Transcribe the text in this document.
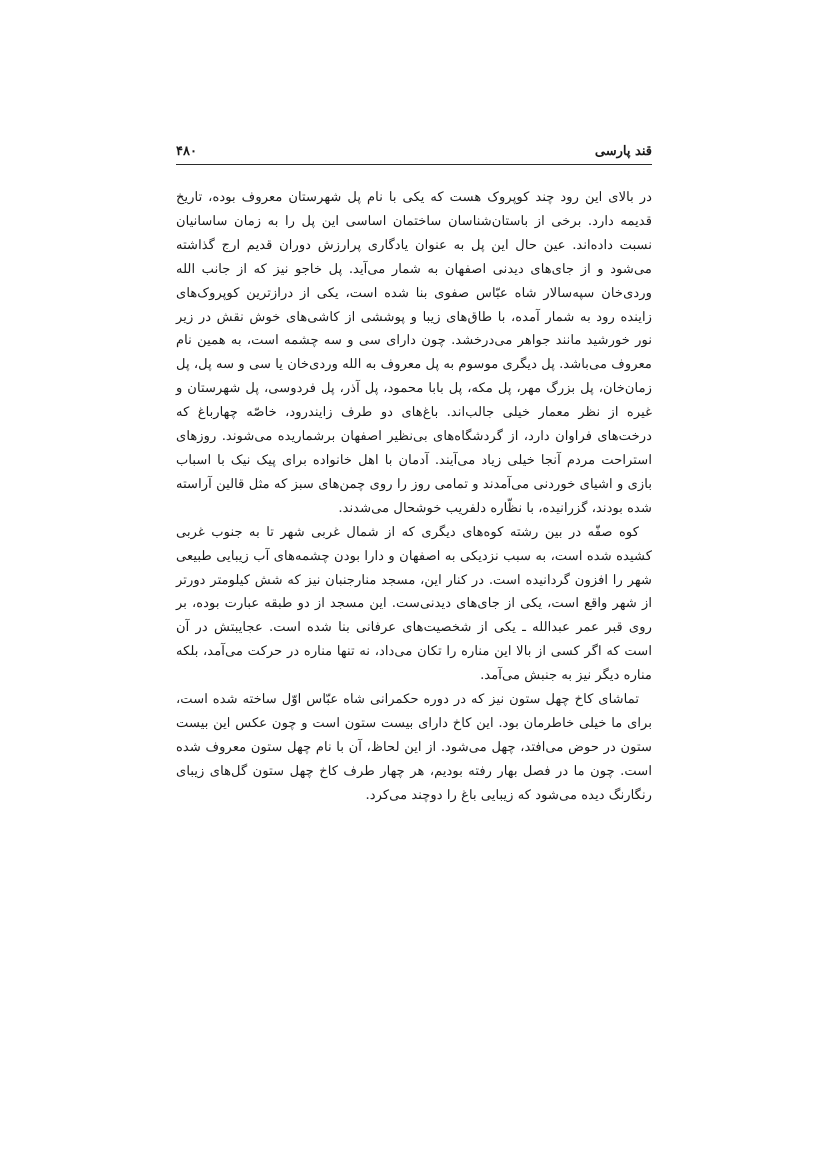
قند پارسی
۴۸۰

در بالای این رود چند کوپروک هست که یکی با نام پل شهرستان معروف بوده، تاریخ قدیمه دارد. برخی از باستان‌شناسان ساختمان اساسی این پل را به زمان ساسانیان نسبت داده‌اند. عین حال این پل به عنوان یادگاری پرارزش دوران قدیم ارج گذاشته می‌شود و از جای‌های دیدنی اصفهان به شمار می‌آید. پل خاجو نیز که از جانب الله وردی‌خان سپه‌سالار شاه عبّاس صفوی بنا شده است، یکی از درازترین کوپروک‌های زاینده رود به شمار آمده، با طاق‌های زیبا و پوششی از کاشی‌های خوش نقش در زیر نور خورشید مانند جواهر می‌درخشد. چون دارای سی و سه چشمه است، به همین نام معروف می‌باشد. پل دیگری موسوم به پل معروف به الله وردی‌خان یا سی و سه پل، پل زمان‌خان، پل بزرگ مهر، پل مکه، پل بابا محمود، پل آذر، پل فردوسی، پل شهرستان و غیره از نظر معمار خیلی جالب‌اند. باغ‌های دو طرف زایندرود، خاصّه چهارباغ که درخت‌های فراوان دارد، از گردشگاه‌های بی‌نظیر اصفهان برشماریده می‌شوند. روزهای استراحت مردم آنجا خیلی زیاد می‌آیند. آدمان با اهل خانواده برای پیک نیک با اسباب بازی و اشیای خوردنی می‌آمدند و تمامی روز را روی چمن‌های سبز که مثل قالین آراسته شده بودند، گزرانیده، با نظّاره دلفریب خوشحال می‌شدند.

کوه صفّه در بین رشته کوه‌های دیگری که از شمال غربی شهر تا به جنوب غربی کشیده شده است، به سبب نزدیکی به اصفهان و دارا بودن چشمه‌های آب زیبایی طبیعی شهر را افزون گردانیده است. در کنار این، مسجد منارجنبان نیز که شش کیلومتر دورتر از شهر واقع است، یکی از جای‌های دیدنی‌ست. این مسجد از دو طبقه عبارت بوده، بر روی قبر عمر عبدالله ـ یکی از شخصیت‌های عرفانی بنا شده است. عجایبتش در آن است که اگر کسی از بالا این مناره را تکان می‌داد، نه تنها مناره در حرکت می‌آمد، بلکه مناره دیگر نیز به جنبش می‌آمد.

تماشای کاخ چهل ستون نیز که در دوره حکمرانی شاه عبّاس اوّل ساخته شده است، برای ما خیلی خاطرمان بود. این کاخ دارای بیست ستون است و چون عکس این بیست ستون در حوض می‌افتد، چهل می‌شود. از این لحاظ، آن با نام چهل ستون معروف شده است. چون ما در فصل بهار رفته بودیم، هر چهار طرف کاخ چهل ستون گل‌های زیبای رنگارنگ دیده می‌شود که زیبایی باغ را دوچند می‌کرد.
